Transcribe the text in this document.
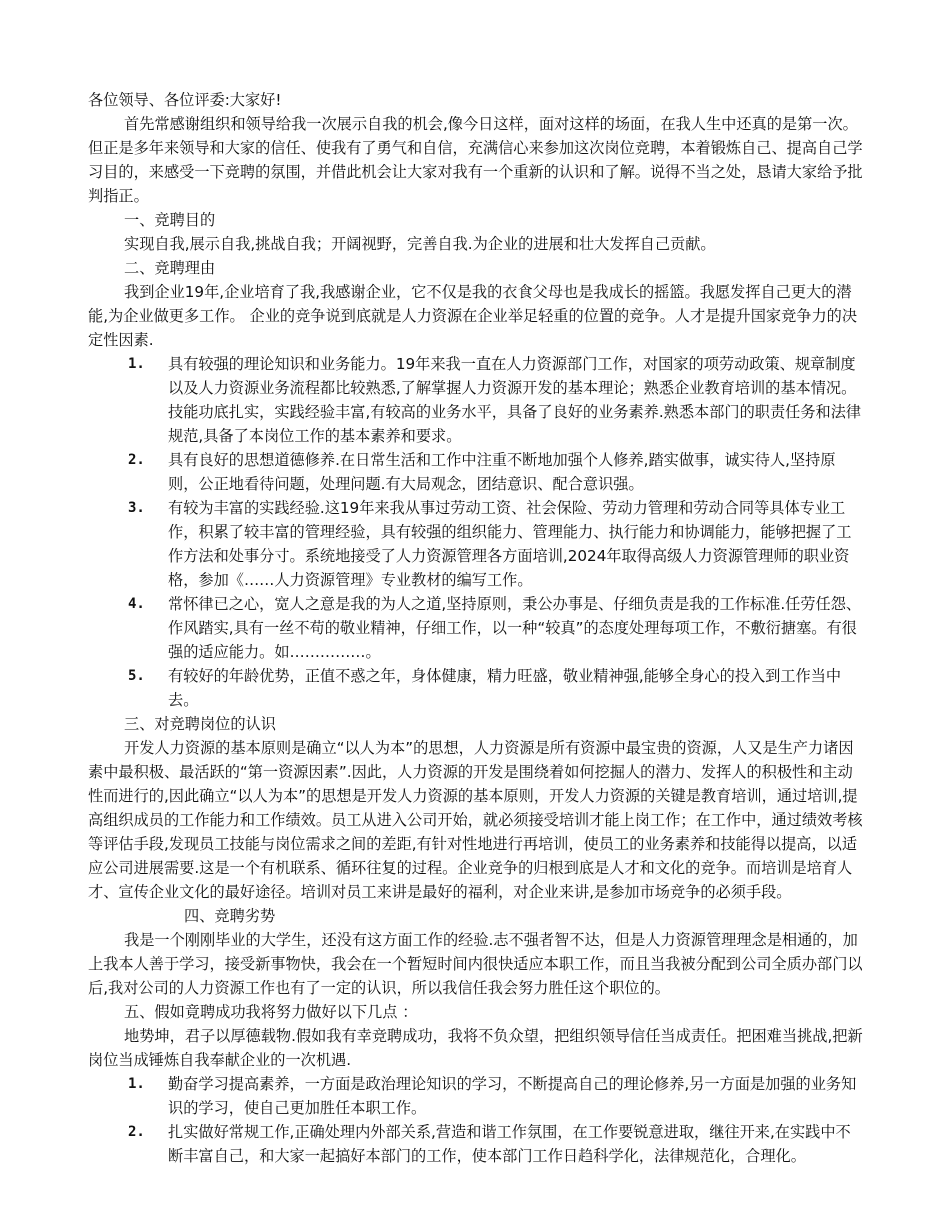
各位领导、各位评委:大家好!

首先常感谢组织和领导给我一次展示自我的机会,像今日这样，面对这样的场面，在我人生中还真的是第一次。但正是多年来领导和大家的信任、使我有了勇气和自信，充满信心来参加这次岗位竞聘，本着锻炼自己、提高自己学习目的，来感受一下竞聘的氛围，并借此机会让大家对我有一个重新的认识和了解。说得不当之处，恳请大家给予批判指正。

一、竞聘目的

实现自我,展示自我,挑战自我；开阔视野，完善自我.为企业的进展和壮大发挥自己贡献。

二、竞聘理由

我到企业19年,企业培育了我,我感谢企业，它不仅是我的衣食父母也是我成长的摇篮。我愿发挥自己更大的潜能,为企业做更多工作。 企业的竞争说到底就是人力资源在企业举足轻重的位置的竞争。人才是提升国家竞争力的决定性因素.

1.	具有较强的理论知识和业务能力。19年来我一直在人力资源部门工作，对国家的项劳动政策、规章制度以及人力资源业务流程都比较熟悉,了解掌握人力资源开发的基本理论；熟悉企业教育培训的基本情况。技能功底扎实，实践经验丰富,有较高的业务水平，具备了良好的业务素养.熟悉本部门的职责任务和法律规范,具备了本岗位工作的基本素养和要求。
2.	具有良好的思想道德修养.在日常生活和工作中注重不断地加强个人修养,踏实做事，诚实待人,坚持原则，公正地看待问题，处理问题.有大局观念，团结意识、配合意识强。
3.	有较为丰富的实践经验.这19年来我从事过劳动工资、社会保险、劳动力管理和劳动合同等具体专业工作，积累了较丰富的管理经验，具有较强的组织能力、管理能力、执行能力和协调能力，能够把握了工作方法和处事分寸。系统地接受了人力资源管理各方面培训,2024年取得高级人力资源管理师的职业资格，参加《……人力资源管理》专业教材的编写工作。
4.	常怀律已之心，宽人之意是我的为人之道,坚持原则，秉公办事是、仔细负责是我的工作标准.任劳任怨、作风踏实,具有一丝不苟的敬业精神，仔细工作，以一种“较真”的态度处理每项工作，不敷衍搪塞。有很强的适应能力。如……………。
5.	有较好的年龄优势，正值不惑之年，身体健康，精力旺盛，敬业精神强,能够全身心的投入到工作当中去。

三、对竞聘岗位的认识

开发人力资源的基本原则是确立“以人为本”的思想，人力资源是所有资源中最宝贵的资源，人又是生产力诸因素中最积极、最活跃的“第一资源因素”.因此，人力资源的开发是围绕着如何挖掘人的潜力、发挥人的积极性和主动性而进行的,因此确立“以人为本”的思想是开发人力资源的基本原则，开发人力资源的关键是教育培训，通过培训,提高组织成员的工作能力和工作绩效。员工从进入公司开始，就必须接受培训才能上岗工作；在工作中，通过绩效考核等评估手段,发现员工技能与岗位需求之间的差距,有针对性地进行再培训，使员工的业务素养和技能得以提高，以适应公司进展需要.这是一个有机联系、循环往复的过程。企业竞争的归根到底是人才和文化的竞争。而培训是培育人才、宣传企业文化的最好途径。培训对员工来讲是最好的福利，对企业来讲,是参加市场竞争的必须手段。四、竞聘劣势

我是一个刚刚毕业的大学生，还没有这方面工作的经验.志不强者智不达，但是人力资源管理理念是相通的，加上我本人善于学习，接受新事物快，我会在一个暂短时间内很快适应本职工作，而且当我被分配到公司全质办部门以后,我对公司的人力资源工作也有了一定的认识，所以我信任我会努力胜任这个职位的。

五、假如竟聘成功我将努力做好以下几点 ：

地势坤，君子以厚德载物.假如我有幸竞聘成功，我将不负众望，把组织领导信任当成责任。把困难当挑战,把新岗位当成锤炼自我奉献企业的一次机遇.

1.	勤奋学习提高素养，一方面是政治理论知识的学习，不断提高自己的理论修养,另一方面是加强的业务知识的学习，使自己更加胜任本职工作。
2.	扎实做好常规工作,正确处理内外部关系,营造和谐工作氛围，在工作要锐意进取，继往开来,在实践中不断丰富自己，和大家一起搞好本部门的工作，使本部门工作日趋科学化，法律规范化，合理化。
